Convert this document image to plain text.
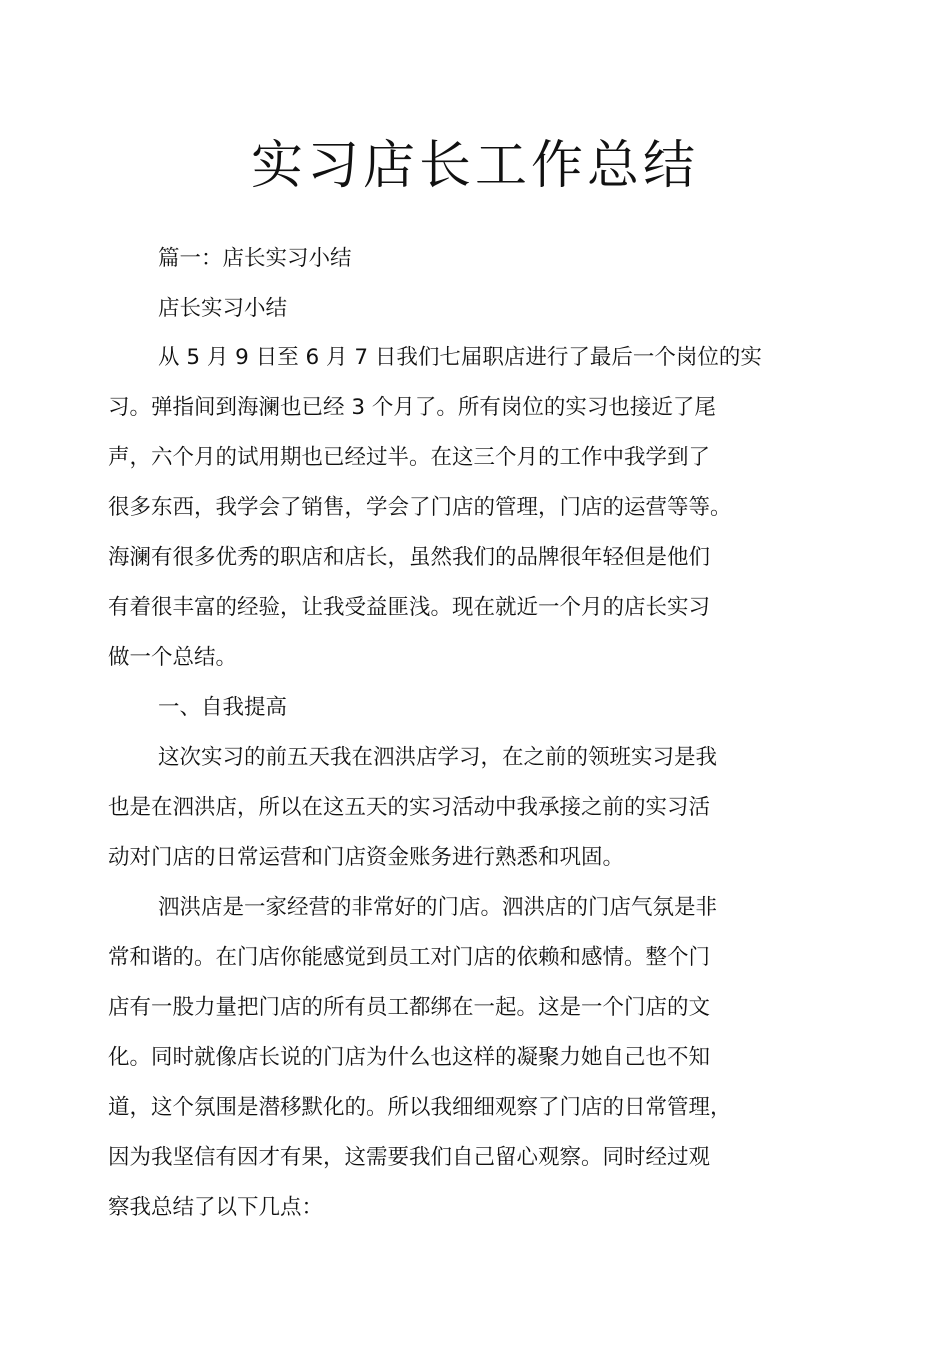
实习店长工作总结
篇一：店长实习小结
店长实习小结
从 5 月 9 日至 6 月 7 日我们七届职店进行了最后一个岗位的实
习。弹指间到海澜也已经 3 个月了。所有岗位的实习也接近了尾
声，六个月的试用期也已经过半。在这三个月的工作中我学到了
很多东西，我学会了销售，学会了门店的管理，门店的运营等等。
海澜有很多优秀的职店和店长，虽然我们的品牌很年轻但是他们
有着很丰富的经验，让我受益匪浅。现在就近一个月的店长实习
做一个总结。
一、自我提高
这次实习的前五天我在泗洪店学习，在之前的领班实习是我
也是在泗洪店，所以在这五天的实习活动中我承接之前的实习活
动对门店的日常运营和门店资金账务进行熟悉和巩固。
泗洪店是一家经营的非常好的门店。泗洪店的门店气氛是非
常和谐的。在门店你能感觉到员工对门店的依赖和感情。整个门
店有一股力量把门店的所有员工都绑在一起。这是一个门店的文
化。同时就像店长说的门店为什么也这样的凝聚力她自己也不知
道，这个氛围是潜移默化的。所以我细细观察了门店的日常管理，
因为我坚信有因才有果，这需要我们自己留心观察。同时经过观
察我总结了以下几点：
